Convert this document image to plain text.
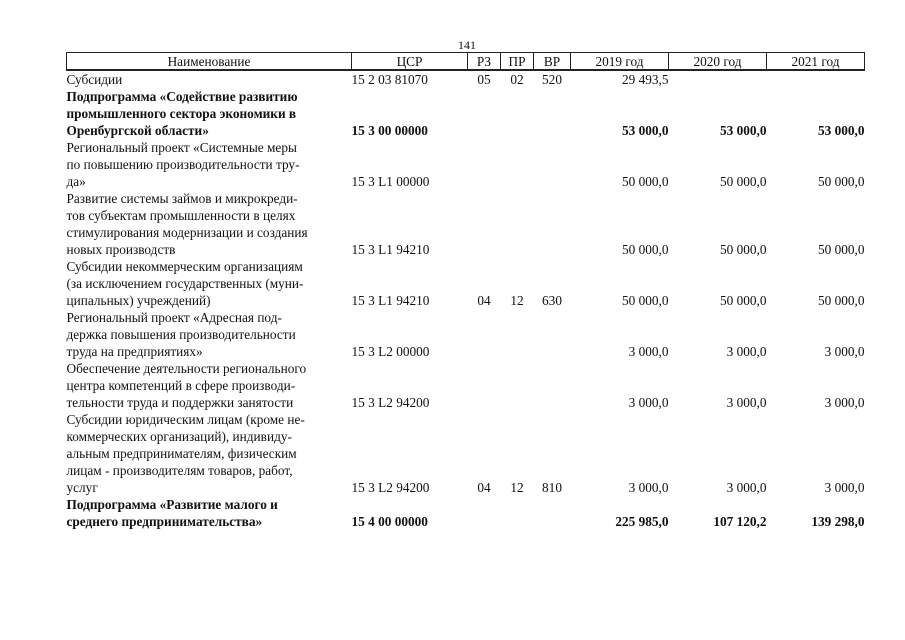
141
Наименование	ЦСР	РЗ	ПР	ВР	2019 год	2020 год	2021 год
Субсидии	15 2 03 81070	05	02	520	29 493,5		
Подпрограмма «Содействие развитию
промышленного сектора экономики в
Оренбургской области»	15 3 00 00000				53 000,0	53 000,0	53 000,0
Региональный проект «Системные меры
по повышению производительности тру-
да»	15 3 L1 00000				50 000,0	50 000,0	50 000,0
Развитие системы займов и микрокреди-
тов субъектам промышленности в целях
стимулирования модернизации и создания
новых производств	15 3 L1 94210				50 000,0	50 000,0	50 000,0
Субсидии некоммерческим организациям
(за исключением государственных (муни-
ципальных) учреждений)	15 3 L1 94210	04	12	630	50 000,0	50 000,0	50 000,0
Региональный проект «Адресная под-
держка повышения производительности
труда на предприятиях»	15 3 L2 00000				3 000,0	3 000,0	3 000,0
Обеспечение деятельности регионального
центра компетенций в сфере производи-
тельности труда и поддержки занятости	15 3 L2 94200				3 000,0	3 000,0	3 000,0
Субсидии юридическим лицам (кроме не-
коммерческих организаций), индивиду-
альным предпринимателям, физическим
лицам - производителям товаров, работ,
услуг	15 3 L2 94200	04	12	810	3 000,0	3 000,0	3 000,0
Подпрограмма «Развитие малого и
среднего предпринимательства»	15 4 00 00000				225 985,0	107 120,2	139 298,0
